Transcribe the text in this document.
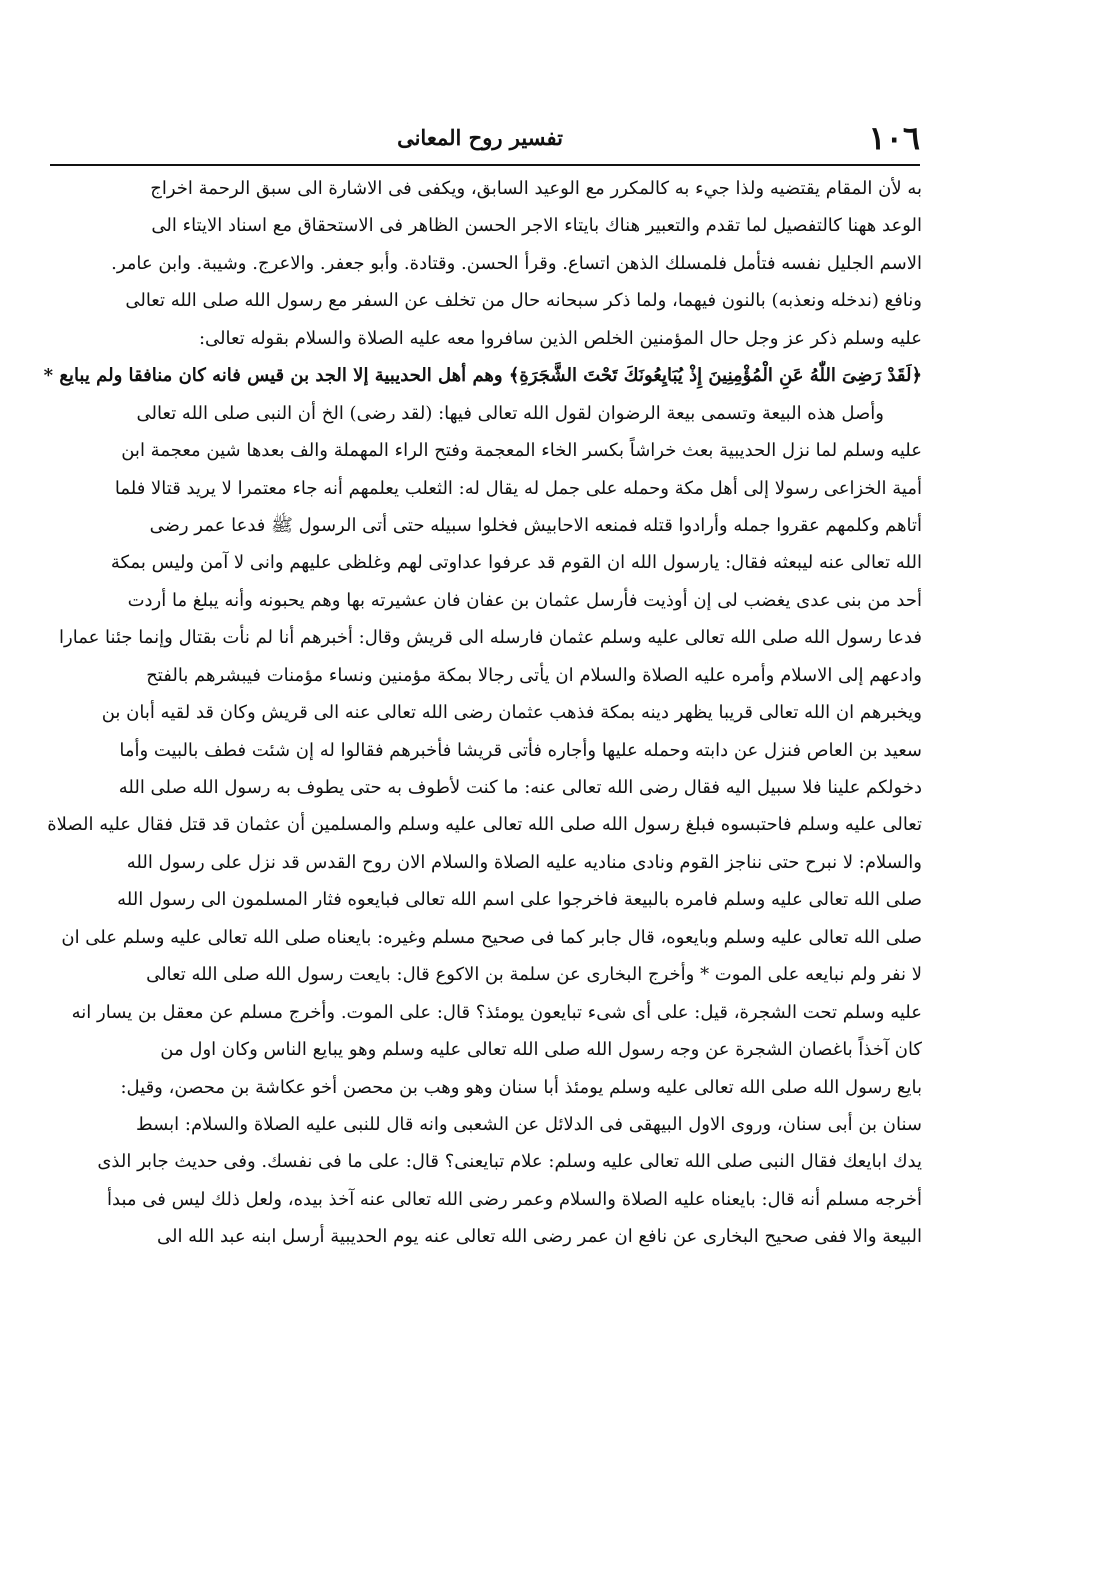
١٠٦
تفسير روح المعانى
به لأن المقام يقتضيه ولذا جيء به كالمكرر مع الوعيد السابق، ويكفى فى الاشارة الى سبق الرحمة اخراج
الوعد ههنا كالتفصيل لما تقدم والتعبير هناك بايتاء الاجر الحسن الظاهر فى الاستحقاق مع اسناد الايتاء الى
الاسم الجليل نفسه فتأمل فلمسلك الذهن اتساع. وقرأ الحسن. وقتادة. وأبو جعفر. والاعرج. وشيبة. وابن عامر.
ونافع (ندخله ونعذبه) بالنون فيهما، ولما ذكر سبحانه حال من تخلف عن السفر مع رسول الله صلى الله تعالى
عليه وسلم ذكر عز وجل حال المؤمنين الخلص الذين سافروا معه عليه الصلاة والسلام بقوله تعالى:
﴿لَقَدْ رَضِىَ اللّٰهُ عَنِ الْمُؤْمِنِينَ إِذْ يُبَايِعُونَكَ تَحْتَ الشَّجَرَةِ﴾ وهم أهل الحديبية إلا الجد بن قيس فانه كان منافقا ولم يبايع *
وأصل هذه البيعة وتسمى بيعة الرضوان لقول الله تعالى فيها: (لقد رضى) الخ أن النبى صلى الله تعالى
عليه وسلم لما نزل الحديبية بعث خراشاً بكسر الخاء المعجمة وفتح الراء المهملة والف بعدها شين معجمة ابن
أمية الخزاعى رسولا إلى أهل مكة وحمله على جمل له يقال له: الثعلب يعلمهم أنه جاء معتمرا لا يريد قتالا فلما
أتاهم وكلمهم عقروا جمله وأرادوا قتله فمنعه الاحابيش فخلوا سبيله حتى أتى الرسول ﷺ فدعا عمر رضى
الله تعالى عنه ليبعثه فقال: يارسول الله ان القوم قد عرفوا عداوتى لهم وغلظى عليهم وانى لا آمن وليس بمكة
أحد من بنى عدى يغضب لى إن أوذيت فأرسل عثمان بن عفان فان عشيرته بها وهم يحبونه وأنه يبلغ ما أردت
فدعا رسول الله صلى الله تعالى عليه وسلم عثمان فارسله الى قريش وقال: أخبرهم أنا لم نأت بقتال وإنما جئنا عمارا
وادعهم إلى الاسلام وأمره عليه الصلاة والسلام ان يأتى رجالا بمكة مؤمنين ونساء مؤمنات فيبشرهم بالفتح
ويخبرهم ان الله تعالى قريبا يظهر دينه بمكة فذهب عثمان رضى الله تعالى عنه الى قريش وكان قد لقيه أبان بن
سعيد بن العاص فنزل عن دابته وحمله عليها وأجاره فأتى قريشا فأخبرهم فقالوا له إن شئت فطف بالبيت وأما
دخولكم علينا فلا سبيل اليه فقال رضى الله تعالى عنه: ما كنت لأطوف به حتى يطوف به رسول الله صلى الله
تعالى عليه وسلم فاحتبسوه فبلغ رسول الله صلى الله تعالى عليه وسلم والمسلمين أن عثمان قد قتل فقال عليه الصلاة
والسلام: لا نبرح حتى نناجز القوم ونادى مناديه عليه الصلاة والسلام الان روح القدس قد نزل على رسول الله
صلى الله تعالى عليه وسلم فامره بالبيعة فاخرجوا على اسم الله تعالى فبايعوه فثار المسلمون الى رسول الله
صلى الله تعالى عليه وسلم وبايعوه، قال جابر كما فى صحيح مسلم وغيره: بايعناه صلى الله تعالى عليه وسلم على ان
لا نفر ولم نبايعه على الموت * وأخرج البخارى عن سلمة بن الاكوع قال: بايعت رسول الله صلى الله تعالى
عليه وسلم تحت الشجرة، قيل: على أى شىء تبايعون يومئذ؟ قال: على الموت. وأخرج مسلم عن معقل بن يسار انه
كان آخذاً باغصان الشجرة عن وجه رسول الله صلى الله تعالى عليه وسلم وهو يبايع الناس وكان اول من
بايع رسول الله صلى الله تعالى عليه وسلم يومئذ أبا سنان وهو وهب بن محصن أخو عكاشة بن محصن، وقيل:
سنان بن أبى سنان، وروى الاول البيهقى فى الدلائل عن الشعبى وانه قال للنبى عليه الصلاة والسلام: ابسط
يدك ابايعك فقال النبى صلى الله تعالى عليه وسلم: علام تبايعنى؟ قال: على ما فى نفسك. وفى حديث جابر الذى
أخرجه مسلم أنه قال: بايعناه عليه الصلاة والسلام وعمر رضى الله تعالى عنه آخذ بيده، ولعل ذلك ليس فى مبدأ
البيعة والا ففى صحيح البخارى عن نافع ان عمر رضى الله تعالى عنه يوم الحديبية أرسل ابنه عبد الله الى
